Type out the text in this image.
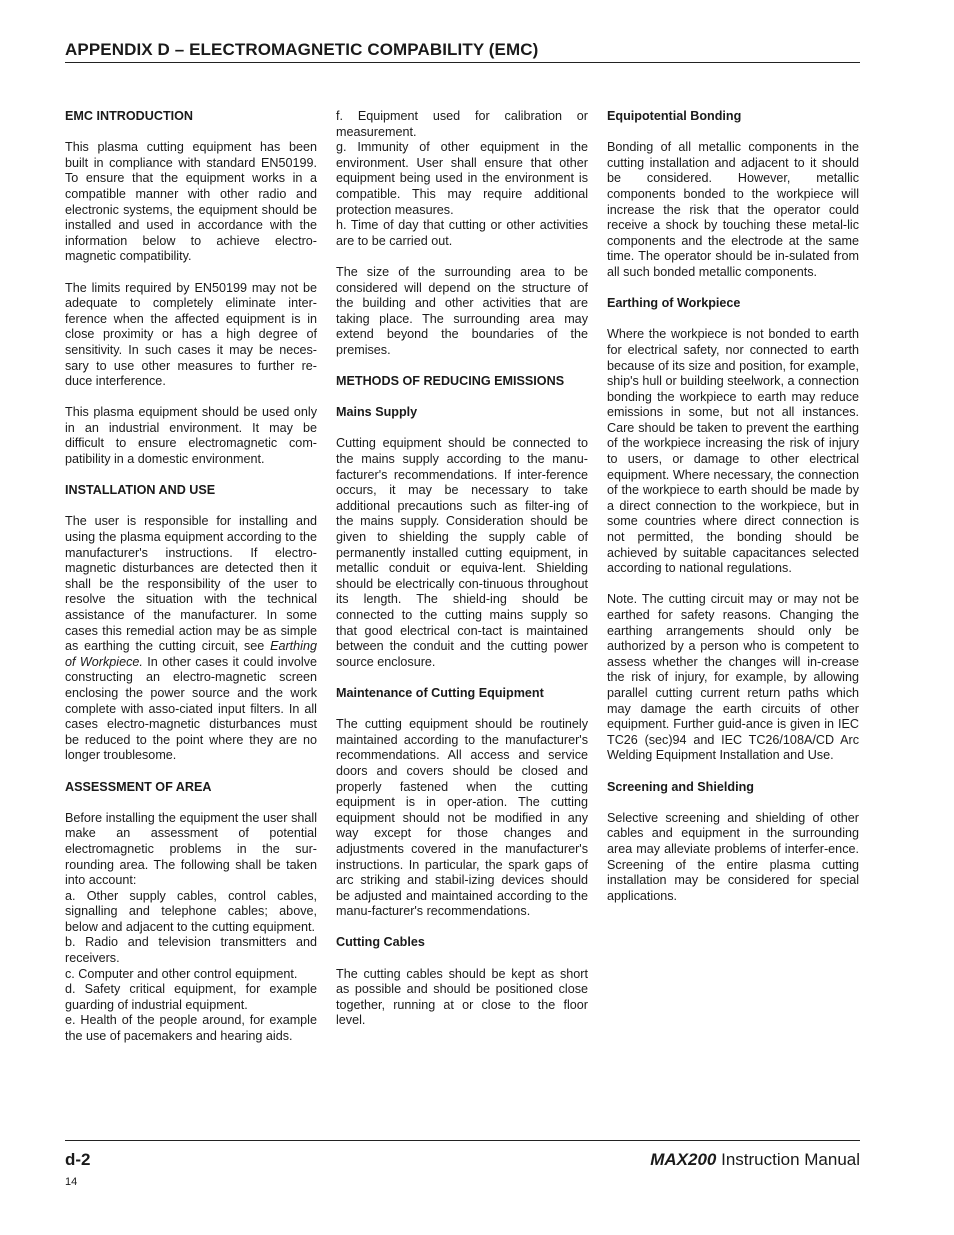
APPENDIX D – ELECTROMAGNETIC COMPABILITY (EMC)
EMC INTRODUCTION

This plasma cutting equipment has been built in compliance with standard EN50199. To ensure that the equipment works in a compatible manner with other radio and electronic systems, the equipment should be installed and used in accordance with the information below to achieve electro-magnetic compatibility.

The limits required by EN50199 may not be adequate to completely eliminate inter-ference when the affected equipment is in close proximity or has a high degree of sensitivity. In such cases it may be neces-sary to use other measures to further re-duce interference.

This plasma equipment should be used only in an industrial environment. It may be difficult to ensure electromagnetic com-patibility in a domestic environment.

INSTALLATION AND USE

The user is responsible for installing and using the plasma equipment according to the manufacturer's instructions. If electro-magnetic disturbances are detected then it shall be the responsibility of the user to resolve the situation with the technical assistance of the manufacturer. In some cases this remedial action may be as simple as earthing the cutting circuit, see Earthing of Workpiece. In other cases it could involve constructing an electro-magnetic screen enclosing the power source and the work complete with asso-ciated input filters. In all cases electro-magnetic disturbances must be reduced to the point where they are no longer troublesome.

ASSESSMENT OF AREA

Before installing the equipment the user shall make an assessment of potential electromagnetic problems in the sur-rounding area. The following shall be taken into account:

a. Other supply cables, control cables, signalling and telephone cables; above, below and adjacent to the cutting equipment.

b. Radio and television transmitters and receivers.

c. Computer and other control equipment.

d. Safety critical equipment, for example guarding of industrial equipment.

e. Health of the people around, for example the use of pacemakers and hearing aids.

f. Equipment used for calibration or measurement.

g. Immunity of other equipment in the environment. User shall ensure that other equipment being used in the environment is compatible. This may require additional protection measures.

h. Time of day that cutting or other activities are to be carried out.

The size of the surrounding area to be considered will depend on the structure of the building and other activities that are taking place. The surrounding area may extend beyond the boundaries of the premises.

METHODS OF REDUCING EMISSIONS
Mains Supply

Cutting equipment should be connected to the mains supply according to the manu-facturer's recommendations. If inter-ference occurs, it may be necessary to take additional precautions such as filter-ing of the mains supply. Consideration should be given to shielding the supply cable of permanently installed cutting equipment, in metallic conduit or equiva-lent. Shielding should be electrically con-tinuous throughout its length. The shield-ing should be connected to the cutting mains supply so that good electrical con-tact is maintained between the conduit and the cutting power source enclosure.

Maintenance of Cutting Equipment

The cutting equipment should be routinely maintained according to the manufacturer's recommendations. All access and service doors and covers should be closed and properly fastened when the cutting equipment is in oper-ation. The cutting equipment should not be modified in any way except for those changes and adjustments covered in the manufacturer's instructions. In particular, the spark gaps of arc striking and stabil-izing devices should be adjusted and maintained according to the manu-facturer's recommendations.

Cutting Cables

The cutting cables should be kept as short as possible and should be positioned close together, running at or close to the floor level.

Equipotential Bonding

Bonding of all metallic components in the cutting installation and adjacent to it should be considered. However, metallic components bonded to the workpiece will increase the risk that the operator could receive a shock by touching these metal-lic components and the electrode at the same time. The operator should be in-sulated from all such bonded metallic components.

Earthing of Workpiece

Where the workpiece is not bonded to earth for electrical safety, nor connected to earth because of its size and position, for example, ship's hull or building steelwork, a connection bonding the workpiece to earth may reduce emissions in some, but not all instances. Care should be taken to prevent the earthing of the workpiece increasing the risk of injury to users, or damage to other electrical equipment. Where necessary, the connection of the workpiece to earth should be made by a direct connection to the workpiece, but in some countries where direct connection is not permitted, the bonding should be achieved by suitable capacitances selected according to national regulations.

Note. The cutting circuit may or may not be earthed for safety reasons. Changing the earthing arrangements should only be authorized by a person who is competent to assess whether the changes will in-crease the risk of injury, for example, by allowing parallel cutting current return paths which may damage the earth circuits of other equipment. Further guid-ance is given in IEC TC26 (sec)94 and IEC TC26/108A/CD Arc Welding Equipment Installation and Use.

Screening and Shielding

Selective screening and shielding of other cables and equipment in the surrounding area may alleviate problems of interfer-ence. Screening of the entire plasma cutting installation may be considered for special applications.

d-2	MAX200 Instruction Manual
14
